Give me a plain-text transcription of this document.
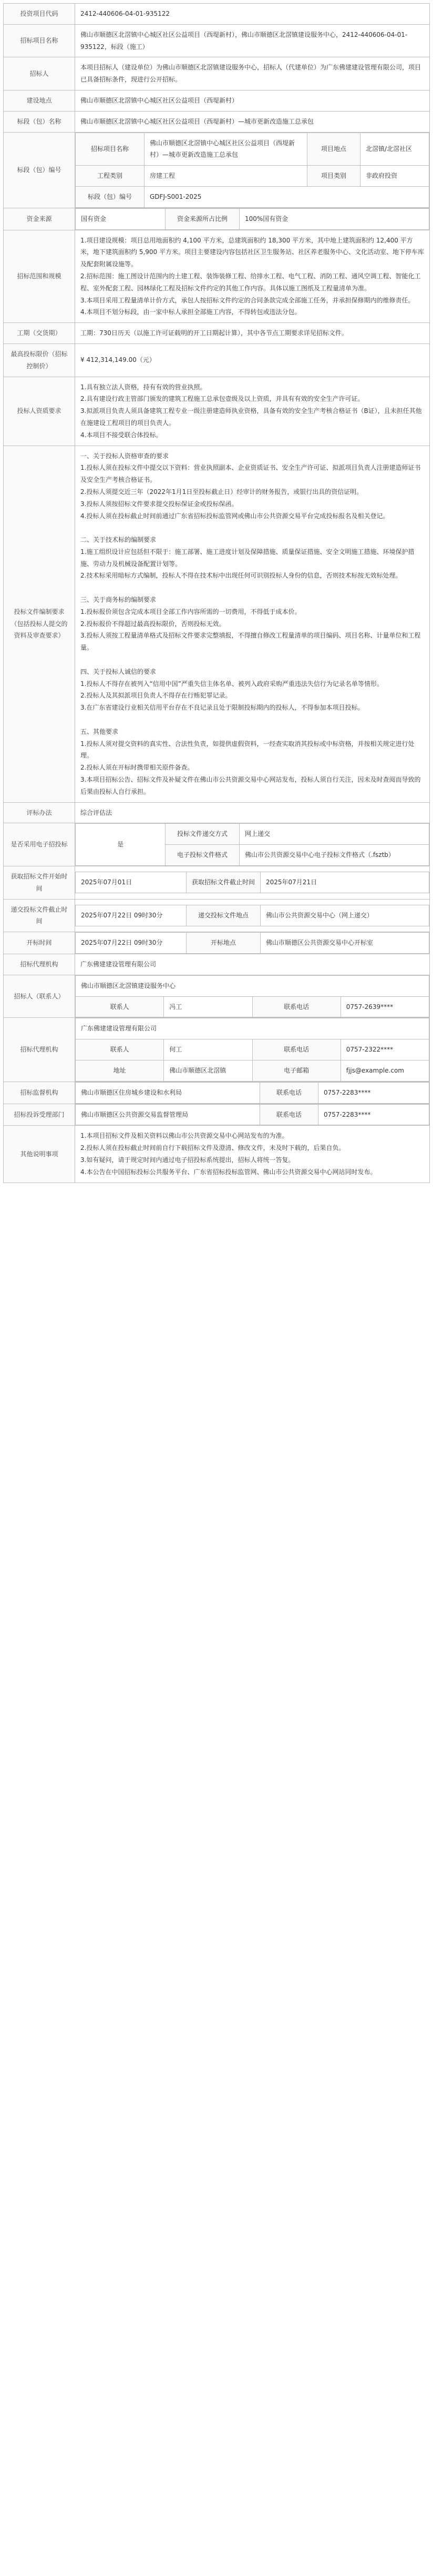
投资项目代码	2412-440606-04-01-935122
招标项目名称	佛山市顺德区北滘镇中心城区社区公益项目（西堤新村），佛山市顺德区北滘镇建设服务中心，2412-440606-04-01-935122，标段（施工）
招标人	本项目招标人（建设单位）为佛山市顺德区北滘镇建设服务中心，招标人（代建单位）为广东佛建建设管理有限公司，项目已具备招标条件，现进行公开招标。
建设地点	佛山市顺德区北滘镇中心城区社区公益项目（西堤新村）
标段（包）名称	佛山市顺德区北滘镇中心城区社区公益项目（西堤新村）—城市更新改造施工总承包
标段（包）编号	
招标项目名称	佛山市顺德区北滘镇中心城区社区公益项目（西堤新村）—城市更新改造施工总承包	项目地点	北滘镇/北滘社区
工程类别	房建工程	项目类别	非政府投资
标段（包）编号	GDFJ-S001-2025

资金来源		国有资金	资金来源所占比例	100%国有资金

招标范围和规模	1.项目建设规模：项目总用地面积约 4,100 平方米，总建筑面积约 18,300 平方米，其中地上建筑面积约 12,400 平方米，地下建筑面积约 5,900 平方米。项目主要建设内容包括社区卫生服务站、社区养老服务中心、文化活动室、地下停车库及配套附属设施等。
2.招标范围：施工图设计范围内的土建工程、装饰装修工程、给排水工程、电气工程、消防工程、通风空调工程、智能化工程、室外配套工程、园林绿化工程及招标文件约定的其他工作内容。具体以施工图纸及工程量清单为准。
3.本项目采用工程量清单计价方式，承包人按招标文件约定的合同条款完成全部施工任务，并承担保修期内的维修责任。
4.本项目不划分标段，由一家中标人承担全部施工内容，不得转包或违法分包。
工期（交货期）	工期：730日历天（以施工许可证载明的开工日期起计算），其中各节点工期要求详见招标文件。
最高投标限价（招标控制价）	¥ 412,314,149.00（元）
投标人资质要求	1.具有独立法人资格，持有有效的营业执照。
2.具有建设行政主管部门颁发的建筑工程施工总承包壹级及以上资质，并具有有效的安全生产许可证。
3.拟派项目负责人须具备建筑工程专业一级注册建造师执业资格，具备有效的安全生产考核合格证书（B证），且未担任其他在施建设工程项目的项目负责人。
4.本项目不接受联合体投标。
投标文件编制要求（包括投标人提交的资料及审查要求）	一、关于投标人资格审查的要求
1.投标人须在投标文件中提交以下资料：营业执照副本、企业资质证书、安全生产许可证、拟派项目负责人注册建造师证书及安全生产考核合格证书。
2.投标人须提交近三年（2022年1月1日至投标截止日）经审计的财务报告，或银行出具的资信证明。
3.投标人须按招标文件要求提交投标保证金或投标保函。
4.投标人须在投标截止时间前通过广东省招标投标监管网或佛山市公共资源交易平台完成投标报名及相关登记。

二、关于技术标的编制要求
1.施工组织设计应包括但不限于：施工部署、施工进度计划及保障措施、质量保证措施、安全文明施工措施、环境保护措施、劳动力及机械设备配置计划等。
2.技术标采用暗标方式编制，投标人不得在技术标中出现任何可识别投标人身份的信息，否则技术标按无效标处理。

三、关于商务标的编制要求
1.投标报价须包含完成本项目全部工作内容所需的一切费用，不得低于成本价。
2.投标报价不得超过最高投标限价，否则投标无效。
3.投标人须按工程量清单格式及招标文件要求完整填报，不得擅自修改工程量清单的项目编码、项目名称、计量单位和工程量。

四、关于投标人诚信的要求
1.投标人不得存在被列入“信用中国”严重失信主体名单、被列入政府采购严重违法失信行为记录名单等情形。
2.投标人及其拟派项目负责人不得存在行贿犯罪记录。
3.在广东省建设行业相关信用平台存在不良记录且处于限制投标期内的投标人，不得参加本项目投标。

五、其他要求
1.投标人须对提交资料的真实性、合法性负责，如提供虚假资料，一经查实取消其投标或中标资格，并按相关规定进行处理。
2.投标人须在开标时携带相关原件备查。
3.本项目招标公告、招标文件及补疑文件在佛山市公共资源交易中心网站发布，投标人须自行关注，因未及时查阅而导致的后果由投标人自行承担。
评标办法	综合评估法
是否采用电子招投标		是	投标文件递交方式	网上递交
电子投标文件格式	佛山市公共资源交易中心电子投标文件格式（.fsztb）

获取招标文件开始时间	
2025年07月01日	获取招标文件截止时间	2025年07月21日

递交投标文件截止时间	
2025年07月22日 09时30分	递交投标文件地点	佛山市公共资源交易中心（网上递交）

开标时间		2025年07月22日 09时30分	开标地点	佛山市顺德区公共资源交易中心开标室

招标代理机构	广东佛建建设管理有限公司
招标人（联系人）	
佛山市顺德区北滘镇建设服务中心
联系人	冯工	联系电话	0757-2639****

招标代理机构	
广东佛建建设管理有限公司
联系人	何工	联系电话	0757-2322****
地址	佛山市顺德区北滘镇	电子邮箱	fjjs@example.com

招标监督机构		佛山市顺德区住房城乡建设和水利局	联系电话	0757-2283****

招标投诉受理部门		佛山市顺德区公共资源交易监督管理局	联系电话	0757-2283****

其他说明事项	1.本项目招标文件及相关资料以佛山市公共资源交易中心网站发布的为准。
2.投标人须在投标截止时间前自行下载招标文件及澄清、修改文件，未及时下载的，后果自负。
3.如有疑问，请于规定时间内通过电子招投标系统提出，招标人将统一答复。
4.本公告在中国招标投标公共服务平台、广东省招标投标监管网、佛山市公共资源交易中心网站同时发布。
